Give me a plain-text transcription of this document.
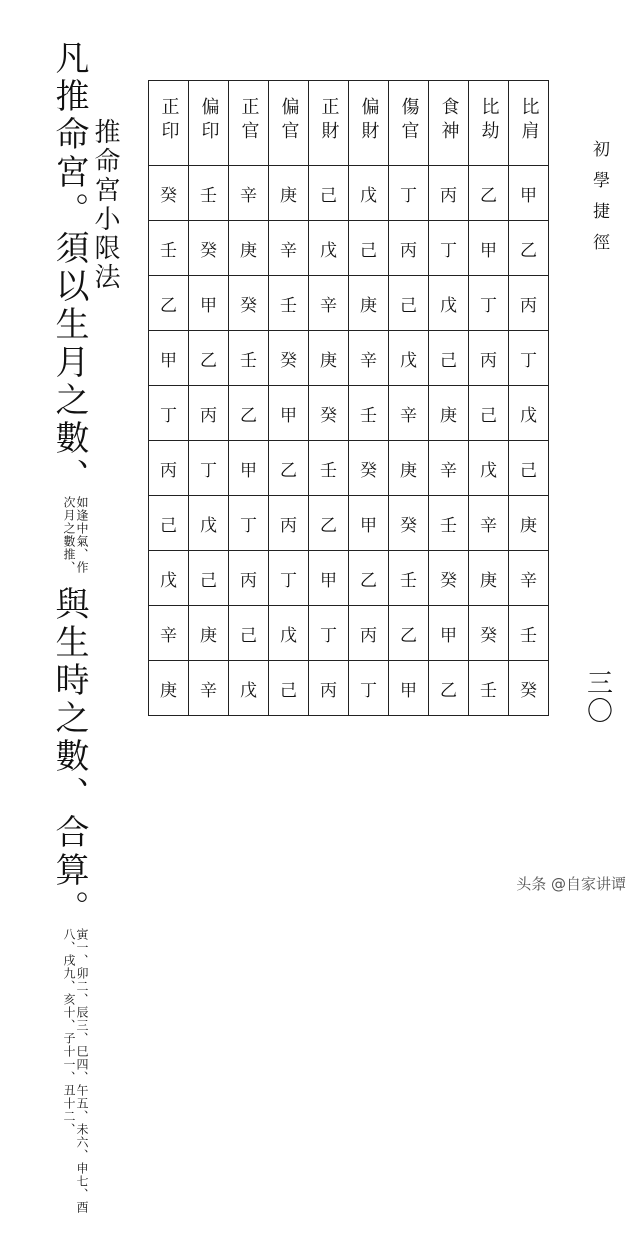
凡推命宮。須以生月之數、如逢中氣、作次月之數推、與生時之數、合算。寅一、卯二、辰三、巳四、午五、未六、申七、酉八、戌九、亥十、子十一、丑十二、
推命宮小限法 正印	偏印	正官	偏官	正財	偏財	傷官	食神	比劫	比肩
癸	壬	辛	庚	己	戊	丁	丙	乙	甲
壬	癸	庚	辛	戊	己	丙	丁	甲	乙
乙	甲	癸	壬	辛	庚	己	戊	丁	丙
甲	乙	壬	癸	庚	辛	戊	己	丙	丁
丁	丙	乙	甲	癸	壬	辛	庚	己	戊
丙	丁	甲	乙	壬	癸	庚	辛	戊	己
己	戊	丁	丙	乙	甲	癸	壬	辛	庚
戊	己	丙	丁	甲	乙	壬	癸	庚	辛
辛	庚	己	戊	丁	丙	乙	甲	癸	壬
庚	辛	戊	己	丙	丁	甲	乙	壬	癸
初學捷徑
三〇
头条 @自家讲谭
